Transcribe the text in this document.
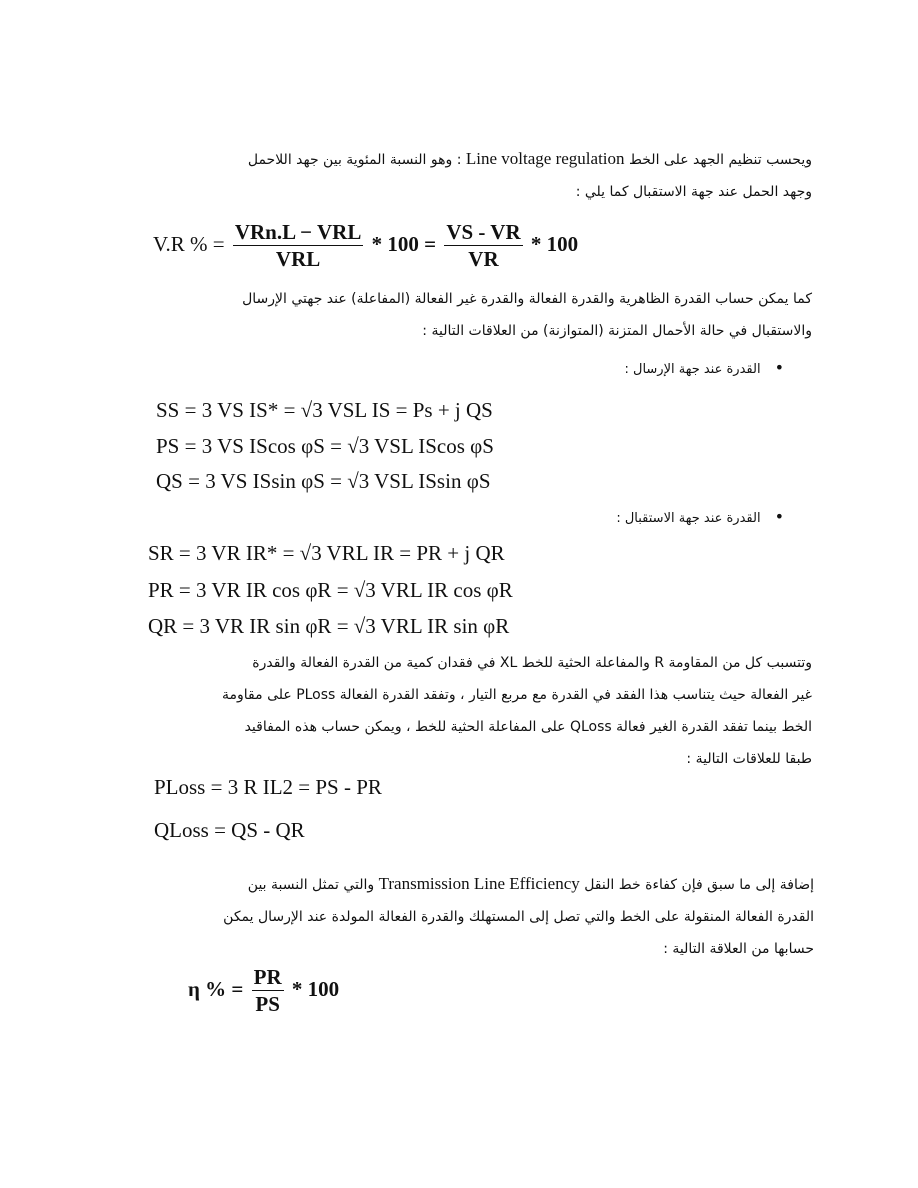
ويحسب تنظيم الجهد على الخط Line voltage regulation : وهو النسبة المئوية بين جهد اللاحمل
وجهد الحمل عند جهة الاستقبال كما يلي :
V.R % = $\frac{\text{VRn.L − VRL}}{\text{VRL}} * 100 = \frac{VS - VR}{VR} * 100$
كما يمكن حساب القدرة الظاهرية والقدرة الفعالة والقدرة غير الفعالة (المفاعلة) عند جهتي الإرسال
والاستقبال في حالة الأحمال المتزنة (المتوازنة) من العلاقات التالية :
• القدرة عند جهة الإرسال :
SS = 3 VS IS* = √3 VSL IS = Ps + j QS
PS = 3 VS IScos φS = √3 VSL IScos φS
QS = 3 VS ISsin φS = √3 VSL ISsin φS
• القدرة عند جهة الاستقبال :
SR = 3 VR IR* = √3 VRL IR = PR + j QR
PR = 3 VR IR cos φR = √3 VRL IR cos φR
QR = 3 VR IR sin φR = √3 VRL IR sin φR
وتتسبب كل من المقاومة R والمفاعلة الحثية للخط XL في فقدان كمية من القدرة الفعالة والقدرة
غير الفعالة حيث يتناسب هذا الفقد في القدرة مع مربع التيار ، وتفقد القدرة الفعالة PLoss على مقاومة
الخط بينما تفقد القدرة الغير فعالة QLoss على المفاعلة الحثية للخط ، ويمكن حساب هذه المفاقيد
طبقا للعلاقات التالية :
PLoss = 3 R IL2 = PS - PR
QLoss = QS - QR
إضافة إلى ما سبق فإن كفاءة خط النقل Transmission Line Efficiency والتي تمثل النسبة بين
القدرة الفعالة المنقولة على الخط والتي تصل إلى المستهلك والقدرة الفعالة المولدة عند الإرسال يمكن
حسابها من العلاقة التالية :
η % = $\frac{PR}{PS} * 100$
